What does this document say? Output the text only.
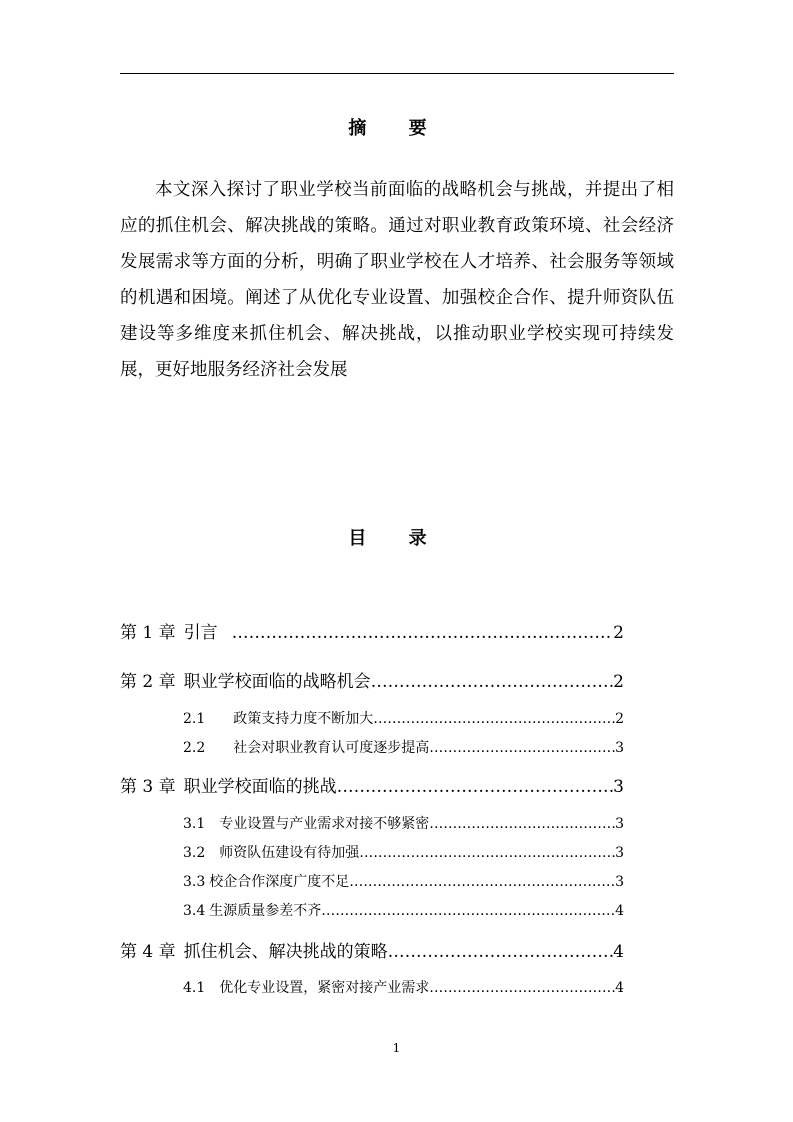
摘 要

本文深入探讨了职业学校当前面临的战略机会与挑战，并提出了相应的抓住机会、解决挑战的策略。通过对职业教育政策环境、社会经济发展需求等方面的分析，明确了职业学校在人才培养、社会服务等领域的机遇和困境。阐述了从优化专业设置、加强校企合作、提升师资队伍建设等多维度来抓住机会、解决挑战，以推动职业学校实现可持续发展，更好地服务经济社会发展

目 录
第 1 章 引言 ………………………………………………………………………………………………………………	2
第 2 章 职业学校面临的战略机会 ………………………………………………………………………………………………………………	2
2.1 政策支持力度不断加大 ………………………………………………………………………………………………………………	2
2.2 社会对职业教育认可度逐步提高 ………………………………………………………………………………………………………………	3
第 3 章 职业学校面临的挑战 ………………………………………………………………………………………………………………	3
3.1 专业设置与产业需求对接不够紧密 ………………………………………………………………………………………………………………	3
3.2 师资队伍建设有待加强 ………………………………………………………………………………………………………………	3
3.3 校企合作深度广度不足 ………………………………………………………………………………………………………………	3
3.4 生源质量参差不齐 ………………………………………………………………………………………………………………	4
第 4 章 抓住机会、解决挑战的策略 ………………………………………………………………………………………………………………	4
4.1 优化专业设置，紧密对接产业需求 ………………………………………………………………………………………………………………	4
1
